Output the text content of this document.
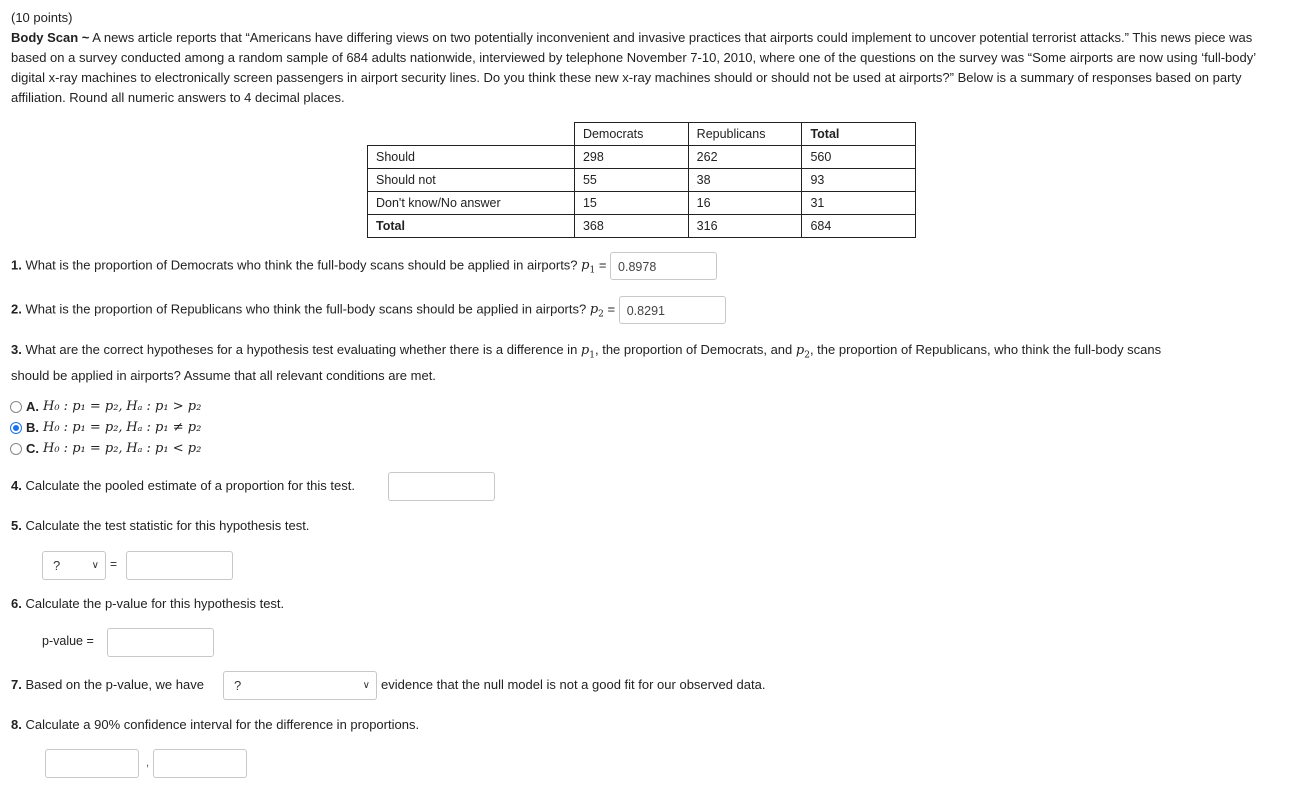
(10 points)
Body Scan ~ A news article reports that “Americans have differing views on two potentially inconvenient and invasive practices that airports could implement to uncover potential terrorist attacks.” This news piece was based on a survey conducted among a random sample of 684 adults nationwide, interviewed by telephone November 7-10, 2010, where one of the questions on the survey was “Some airports are now using ‘full-body’ digital x-ray machines to electronically screen passengers in airport security lines. Do you think these new x-ray machines should or should not be used at airports?” Below is a summary of responses based on party affiliation. Round all numeric answers to 4 decimal places.
	Democrats	Republicans	Total
Should	298	262	560
Should not	55	38	93
Don't know/No answer	15	16	31
Total	368	316	684
1. What is the proportion of Democrats who think the full-body scans should be applied in airports? $p_1 = 0.8978$
2. What is the proportion of Republicans who think the full-body scans should be applied in airports? $p_2 = 0.8291$
3. What are the correct hypotheses for a hypothesis test evaluating whether there is a difference in $p_1$, the proportion of Democrats, and $p_2$, the proportion of Republicans, who think the full-body scans
should be applied in airports? Assume that all relevant conditions are met.
A. H₀ : p₁ = p₂,
Hₐ : p₁ > p₂
B. H₀ : p₁ = p₂,
Hₐ : p₁ ≠ p₂
C. H₀ : p₁ = p₂,
Hₐ : p₁ < p₂
4. Calculate the pooled estimate of a proportion for this test.
5. Calculate the test statistic for this hypothesis test.
?	∨ =
6. Calculate the p-value for this hypothesis test.
p-value =
7. Based on the p-value, we have ?	∨ evidence that the null model is not a good fit for our observed data.
8. Calculate a 90% confidence interval for the difference in proportions.
,
